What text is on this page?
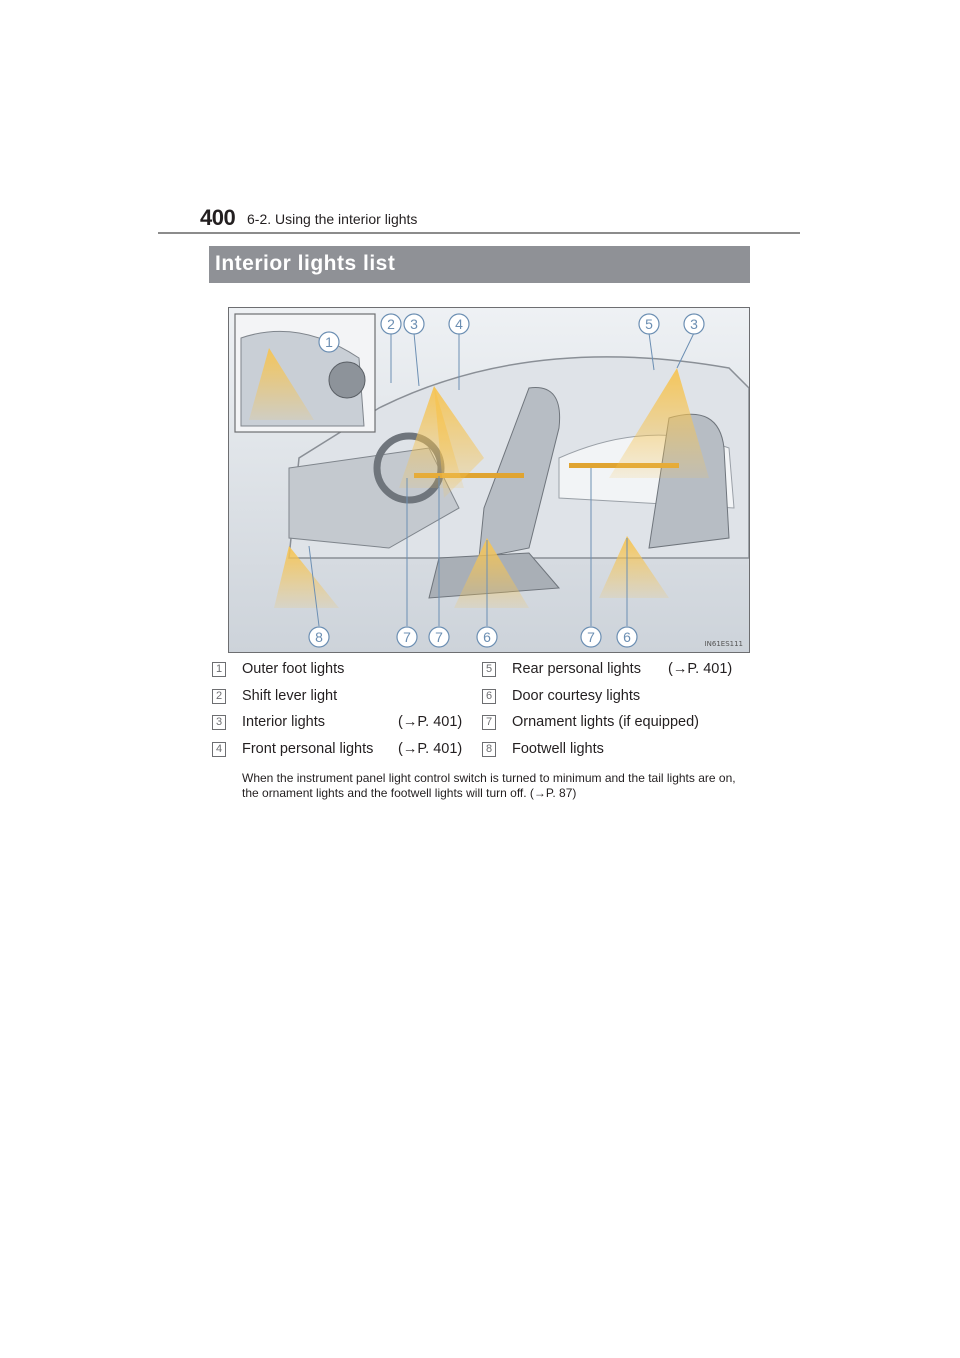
400 6-2. Using the interior lights
Interior lights list
2 3	4	5	3
1
8	7 7	6	7 6	IN61ES111
1 Outer foot lights
2 Shift lever light
3 Interior lights	(→P. 401)
4 Front personal lights (→P. 401)
5 Rear personal lights (→P. 401)
6 Door courtesy lights
7 Ornament lights (if equipped)
8 Footwell lights
When the instrument panel light control switch is turned to minimum and the tail lights are on, the ornament lights and the footwell lights will turn off. (→P. 87)
